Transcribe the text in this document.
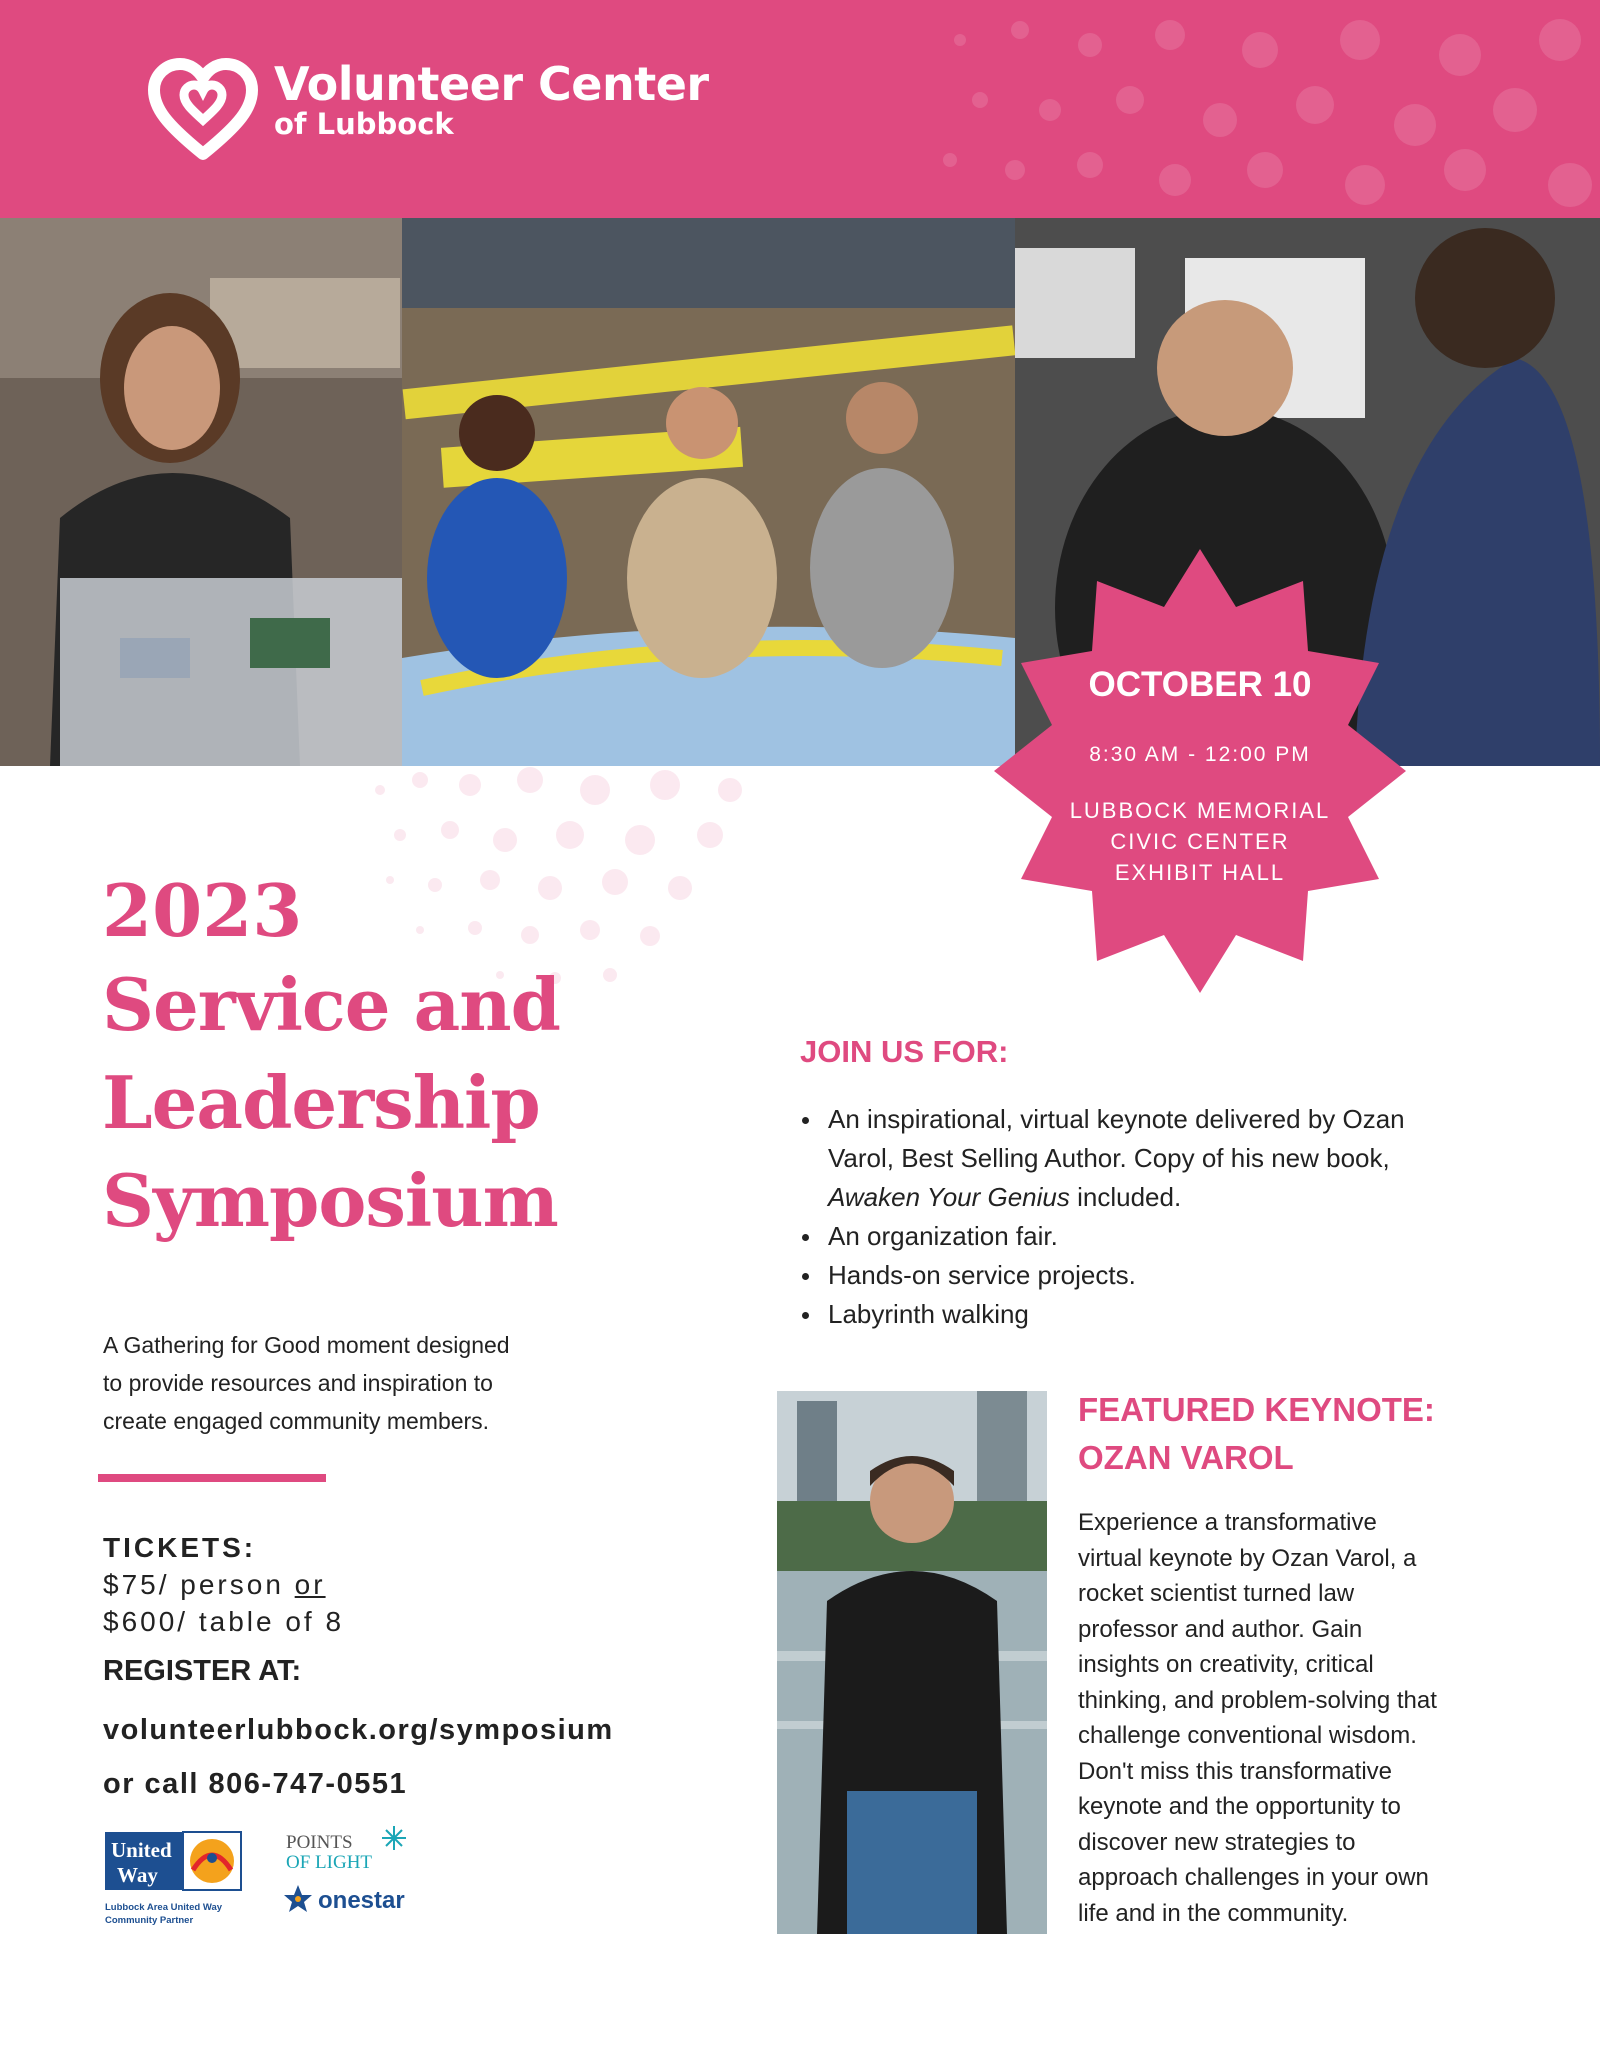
Volunteer Center
of Lubbock
OCTOBER 10
8:30 AM - 12:00 PM
LUBBOCK MEMORIAL
CIVIC CENTER
EXHIBIT HALL
2023
Service and
Leadership
Symposium
A Gathering for Good moment designed
to provide resources and inspiration to
create engaged community members.
TICKETS:
$75/ person or
$600/ table of 8
REGISTER AT:
volunteerlubbock.org/symposium
or call 806-747-0551
United
Way
Lubbock Area United Way
Community Partner
POINTS
OF LIGHT
onestar
JOIN US FOR:
An inspirational, virtual keynote delivered by Ozan
Varol, Best Selling Author. Copy of his new book,
Awaken Your Genius included.
An organization fair.
Hands-on service projects.
Labyrinth walking
FEATURED KEYNOTE:
OZAN VAROL
Experience a transformative
virtual keynote by Ozan Varol, a
rocket scientist turned law
professor and author. Gain
insights on creativity, critical
thinking, and problem-solving that
challenge conventional wisdom.
Don't miss this transformative
keynote and the opportunity to
discover new strategies to
approach challenges in your own
life and in the community.
